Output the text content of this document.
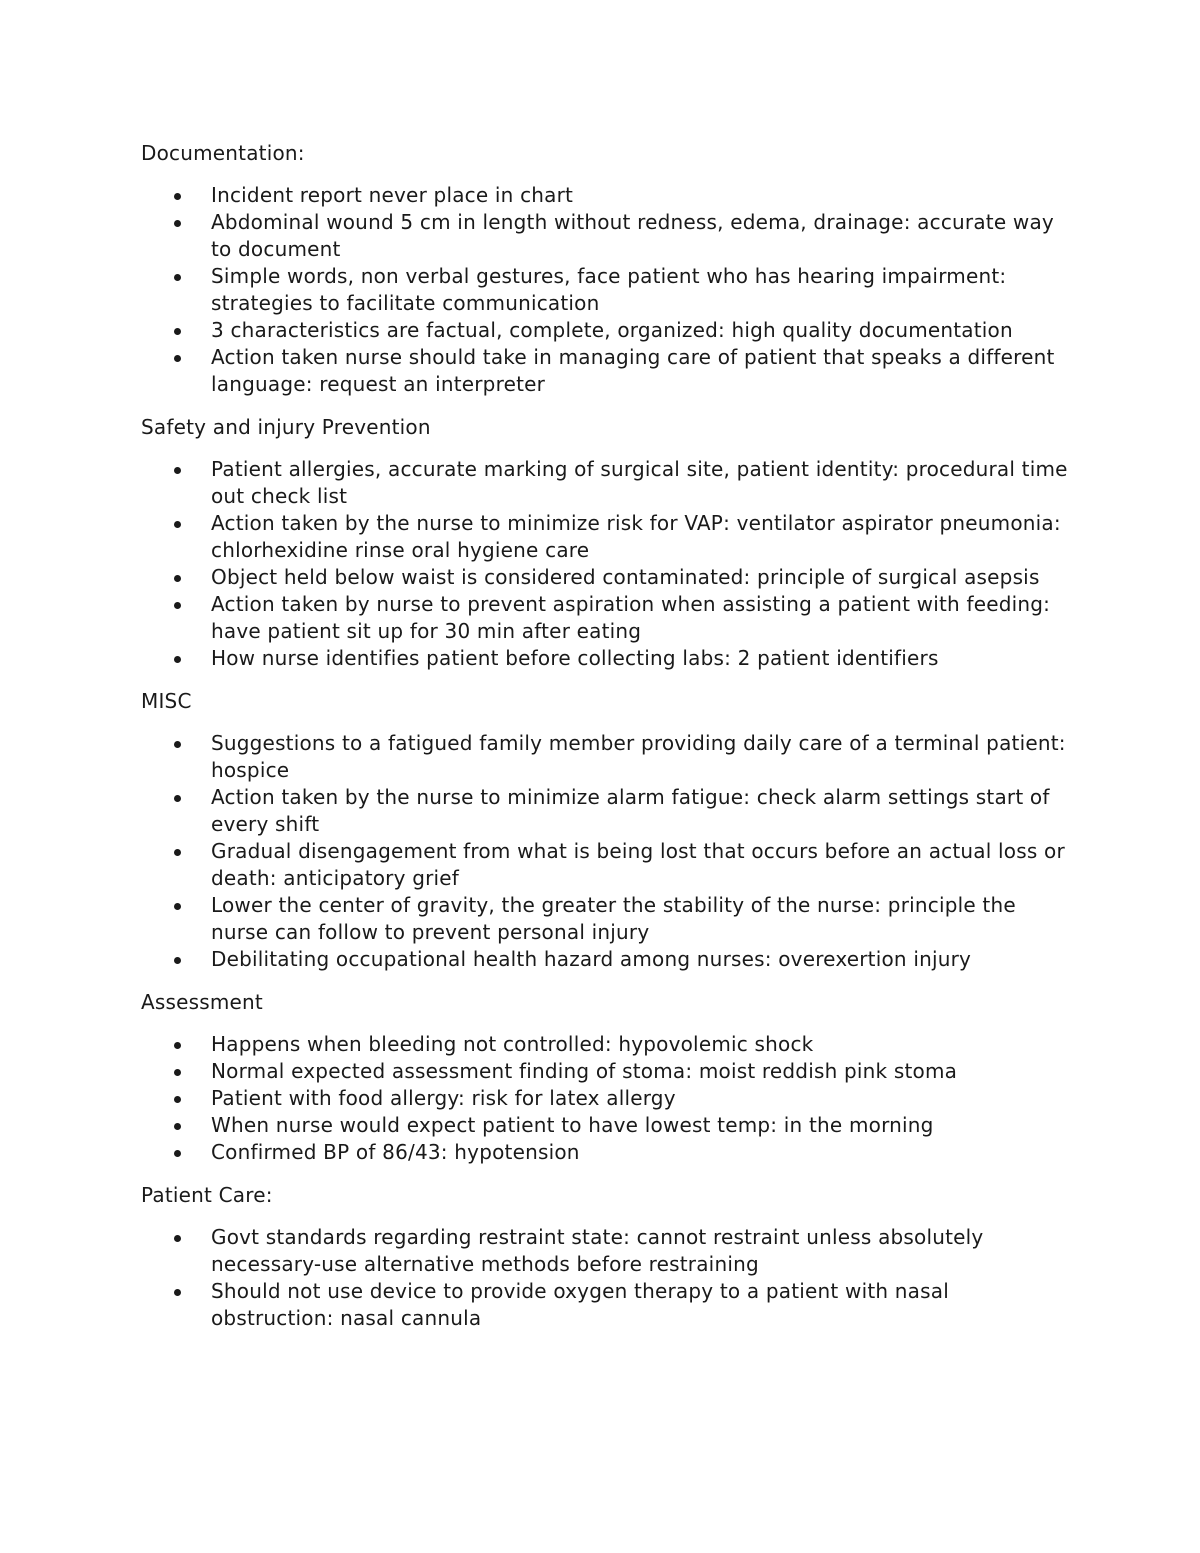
Documentation:
Incident report never place in chart
Abdominal wound 5 cm in length without redness, edema, drainage: accurate way to document
Simple words, non verbal gestures, face patient who has hearing impairment: strategies to facilitate communication
3 characteristics are factual, complete, organized: high quality documentation
Action taken nurse should take in managing care of patient that speaks a different language: request an interpreter
Safety and injury Prevention
Patient allergies, accurate marking of surgical site, patient identity: procedural time out check list
Action taken by the nurse to minimize risk for VAP: ventilator aspirator pneumonia: chlorhexidine rinse oral hygiene care
Object held below waist is considered contaminated: principle of surgical asepsis
Action taken by nurse to prevent aspiration when assisting a patient with feeding: have patient sit up for 30 min after eating
How nurse identifies patient before collecting labs: 2 patient identifiers
MISC
Suggestions to a fatigued family member providing daily care of a terminal patient: hospice
Action taken by the nurse to minimize alarm fatigue: check alarm settings start of every shift
Gradual disengagement from what is being lost that occurs before an actual loss or death: anticipatory grief
Lower the center of gravity, the greater the stability of the nurse: principle the nurse can follow to prevent personal injury
Debilitating occupational health hazard among nurses: overexertion injury
Assessment
Happens when bleeding not controlled: hypovolemic shock
Normal expected assessment finding of stoma: moist reddish pink stoma
Patient with food allergy: risk for latex allergy
When nurse would expect patient to have lowest temp: in the morning
Confirmed BP of 86/43: hypotension
Patient Care:
Govt standards regarding restraint state: cannot restraint unless absolutely necessary-use alternative methods before restraining
Should not use device to provide oxygen therapy to a patient with nasal obstruction: nasal cannula
